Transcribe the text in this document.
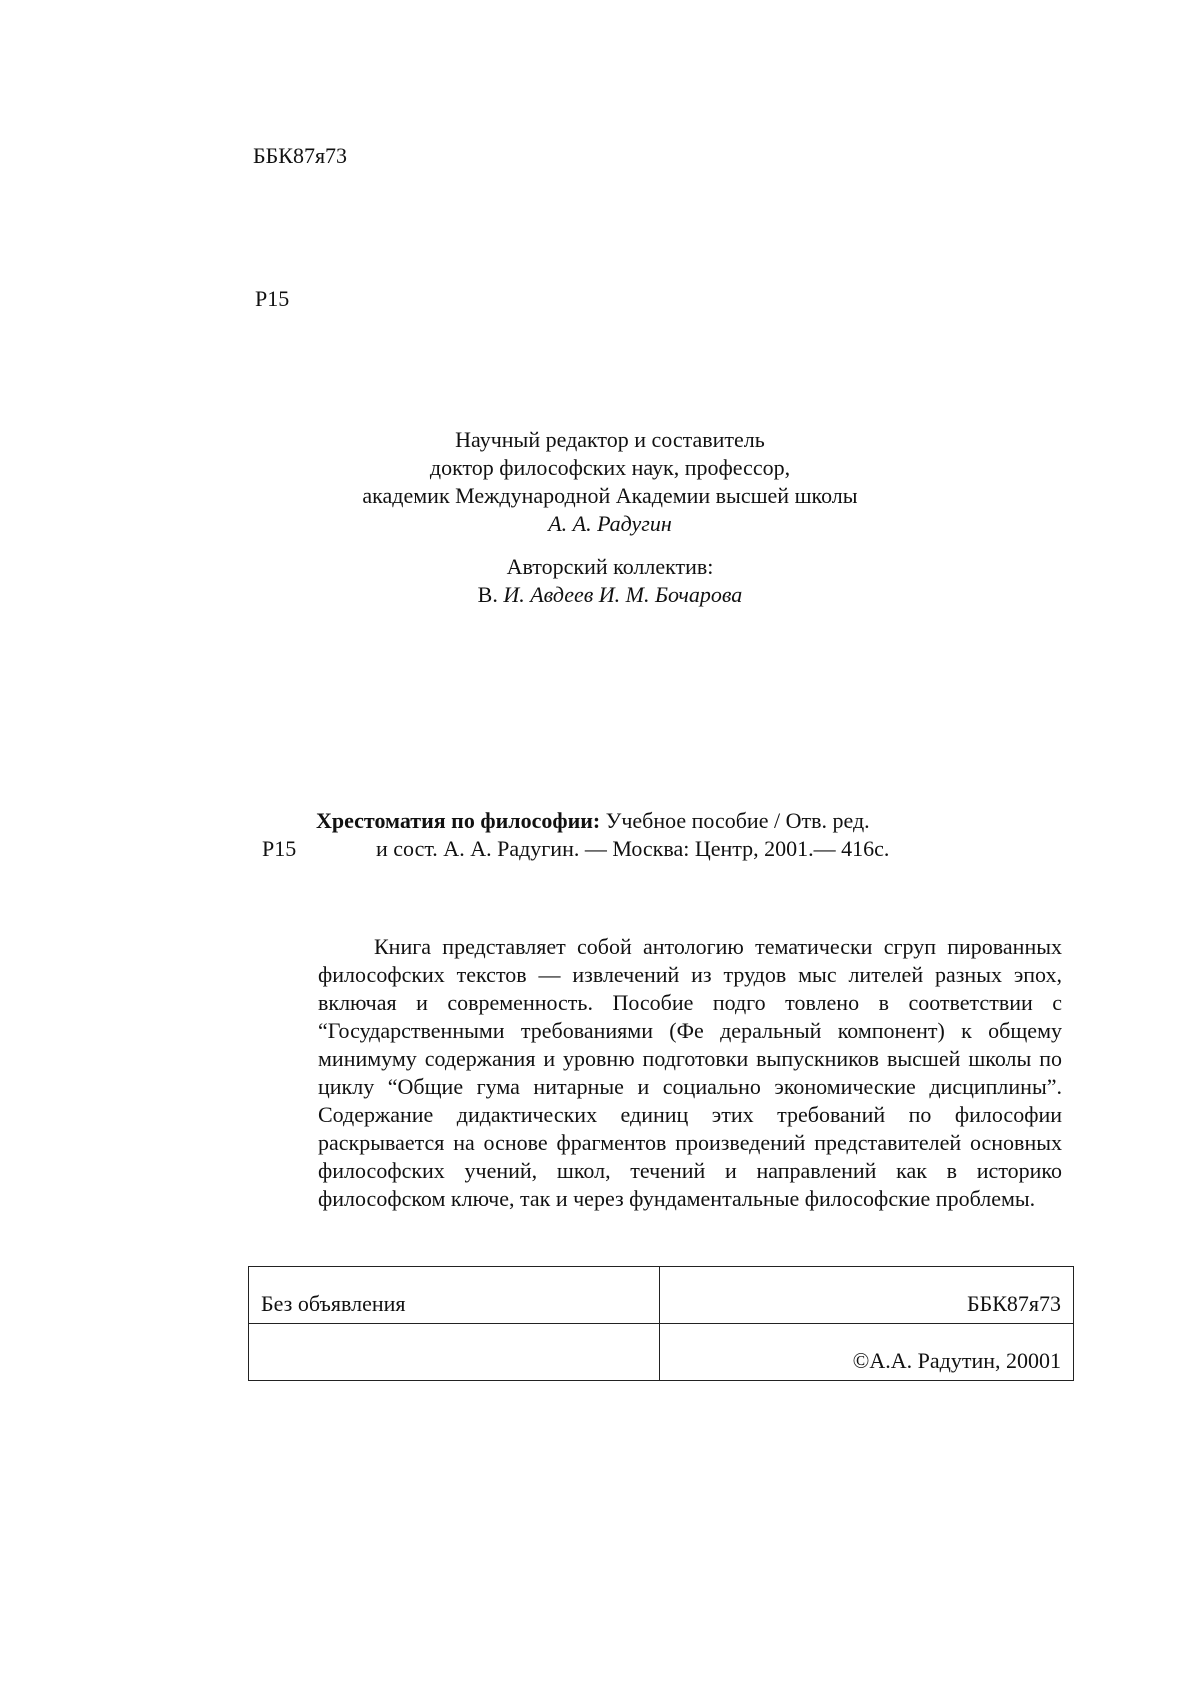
ББК87я73
P15
Научный редактор и составитель
доктор философских наук, профессор,
академик Международной Академии высшей школы
А. А. Радугин
Авторский коллектив:
В. И. Авдеев И. М. Бочарова
Хрестоматия по философии: Учебное пособие / Отв. ред.
P15	и сост. А. А. Радугин. — Москва: Центр, 2001.— 416с.
Книга представляет собой антологию тематически сгруп пированных философских текстов — извлечений из трудов мыс лителей разных эпох, включая и современность. Пособие подго товлено в соответствии с “Государственными требованиями (Фе деральный компонент) к общему минимуму содержания и уровню подготовки выпускников высшей школы по циклу “Общие гума нитарные и социально экономические дисциплины”. Содержание дидактических единиц этих требований по философии раскрывается на основе фрагментов произведений представителей основных философских учений, школ, течений и направлений как в историко философском ключе, так и через фундаментальные философские проблемы.
Без объявления	ББК87я73
	©А.А. Радутин, 20001
